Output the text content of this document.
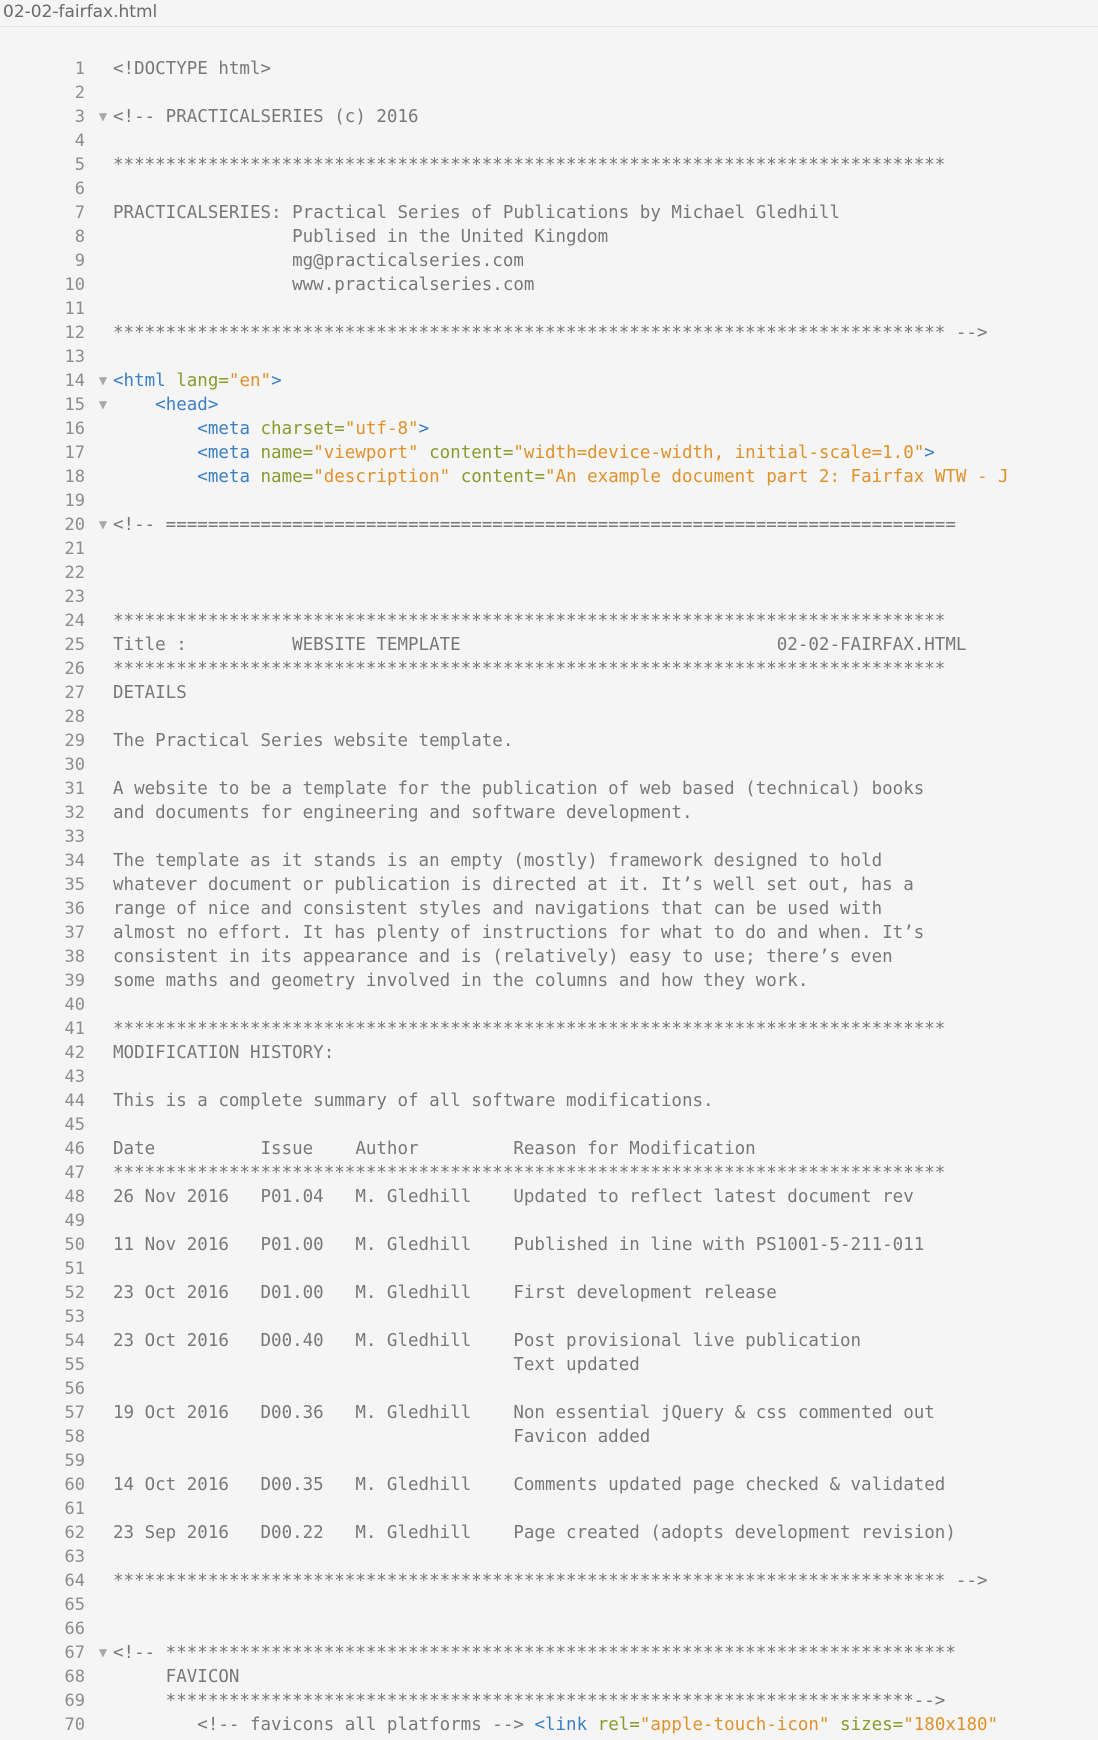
02-02-fairfax.html
1 <!DOCTYPE html>
2
3 ▼ <!-- PRACTICALSERIES (c) 2016
4
5 *******************************************************************************
6
7 PRACTICALSERIES: Practical Series of Publications by Michael Gledhill
8 Publised in the United Kingdom
9 mg@practicalseries.com
10 www.practicalseries.com
11
12 ******************************************************************************* -->
13
14 ▼ <html lang="en">
15 ▼	<head>
16	<meta charset="utf-8">
17	<meta name="viewport" content="width=device-width, initial-scale=1.0">
18	<meta name="description" content="An example document part 2: Fairfax WTW - J
19
20 ▼ <!-- ===========================================================================
21
22
23
24 *******************************************************************************
25 Title :          WEBSITE TEMPLATE                              02-02-FAIRFAX.HTML
26 *******************************************************************************
27 DETAILS
28
29 The Practical Series website template.
30
31 A website to be a template for the publication of web based (technical) books
32 and documents for engineering and software development.
33
34 The template as it stands is an empty (mostly) framework designed to hold
35 whatever document or publication is directed at it. It’s well set out, has a
36 range of nice and consistent styles and navigations that can be used with
37 almost no effort. It has plenty of instructions for what to do and when. It’s
38 consistent in its appearance and is (relatively) easy to use; there’s even
39 some maths and geometry involved in the columns and how they work.
40
41 *******************************************************************************
42 MODIFICATION HISTORY:
43
44 This is a complete summary of all software modifications.
45
46 Date          Issue    Author         Reason for Modification
47 *******************************************************************************
48 26 Nov 2016   P01.04   M. Gledhill    Updated to reflect latest document rev
49
50 11 Nov 2016   P01.00   M. Gledhill    Published in line with PS1001-5-211-011
51
52 23 Oct 2016   D01.00   M. Gledhill    First development release
53
54 23 Oct 2016   D00.40   M. Gledhill    Post provisional live publication
55 Text updated
56
57 19 Oct 2016   D00.36   M. Gledhill    Non essential jQuery & css commented out
58 Favicon added
59
60 14 Oct 2016   D00.35   M. Gledhill    Comments updated page checked & validated
61
62 23 Sep 2016   D00.22   M. Gledhill    Page created (adopts development revision)
63
64 ******************************************************************************* -->
65
66
67 ▼ <!-- ***************************************************************************
68 FAVICON
69 ***********************************************************************-->
70 <!-- favicons all platforms --> <link rel="apple-touch-icon" sizes="180x180"
